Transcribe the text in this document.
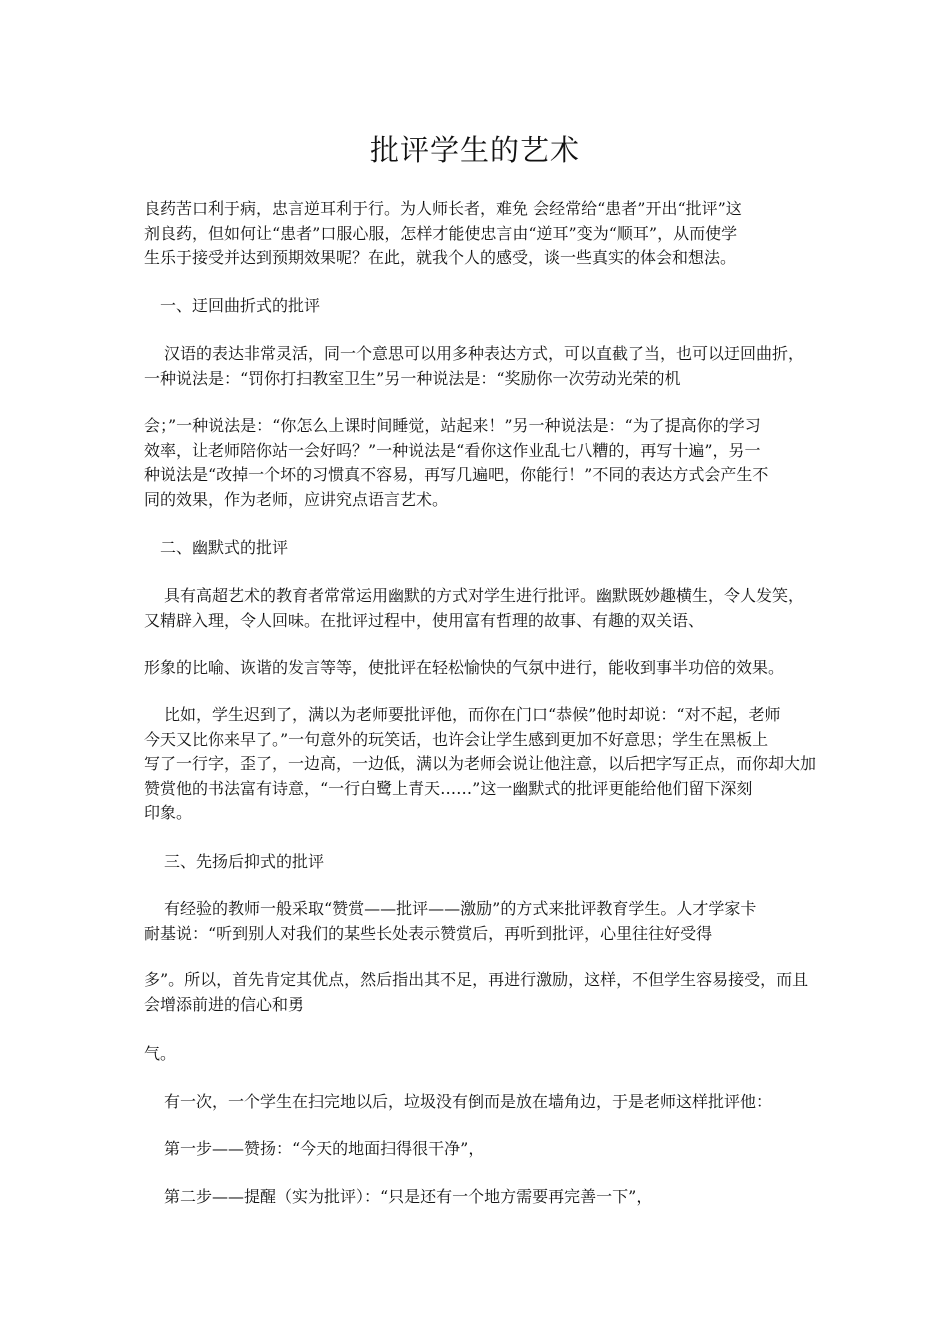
批评学生的艺术

良药苦口利于病，忠言逆耳利于行。为人师长者，难免 会经常给“患者”开出“批评”这
剂良药，但如何让“患者”口服心服，怎样才能使忠言由“逆耳”变为“顺耳”，从而使学
生乐于接受并达到预期效果呢？在此，就我个人的感受，谈一些真实的体会和想法。

一、迂回曲折式的批评

汉语的表达非常灵活，同一个意思可以用多种表达方式，可以直截了当，也可以迂回曲折，
一种说法是：“罚你打扫教室卫生”另一种说法是：“奖励你一次劳动光荣的机

会；”一种说法是：“你怎么上课时间睡觉，站起来！”另一种说法是：“为了提高你的学习
效率，让老师陪你站一会好吗？”一种说法是“看你这作业乱七八糟的，再写十遍”，另一
种说法是“改掉一个坏的习惯真不容易，再写几遍吧，你能行！”不同的表达方式会产生不
同的效果，作为老师，应讲究点语言艺术。

二、幽默式的批评

具有高超艺术的教育者常常运用幽默的方式对学生进行批评。幽默既妙趣横生，令人发笑，
又精辟入理，令人回味。在批评过程中，使用富有哲理的故事、有趣的双关语、

形象的比喻、诙谐的发言等等，使批评在轻松愉快的气氛中进行，能收到事半功倍的效果。

比如，学生迟到了，满以为老师要批评他，而你在门口“恭候”他时却说：“对不起，老师
今天又比你来早了。”一句意外的玩笑话，也许会让学生感到更加不好意思；学生在黑板上
写了一行字，歪了，一边高，一边低，满以为老师会说让他注意，以后把字写正点，而你却大加
赞赏他的书法富有诗意，“一行白鹭上青天……”这一幽默式的批评更能给他们留下深刻
印象。

三、先扬后抑式的批评

有经验的教师一般采取“赞赏——批评——激励”的方式来批评教育学生。人才学家卡
耐基说：“听到别人对我们的某些长处表示赞赏后，再听到批评，心里往往好受得

多”。所以，首先肯定其优点，然后指出其不足，再进行激励，这样，不但学生容易接受，而且
会增添前进的信心和勇

气。

有一次，一个学生在扫完地以后，垃圾没有倒而是放在墙角边，于是老师这样批评他：

第一步——赞扬：“今天的地面扫得很干净”，

第二步——提醒（实为批评）：“只是还有一个地方需要再完善一下”，
